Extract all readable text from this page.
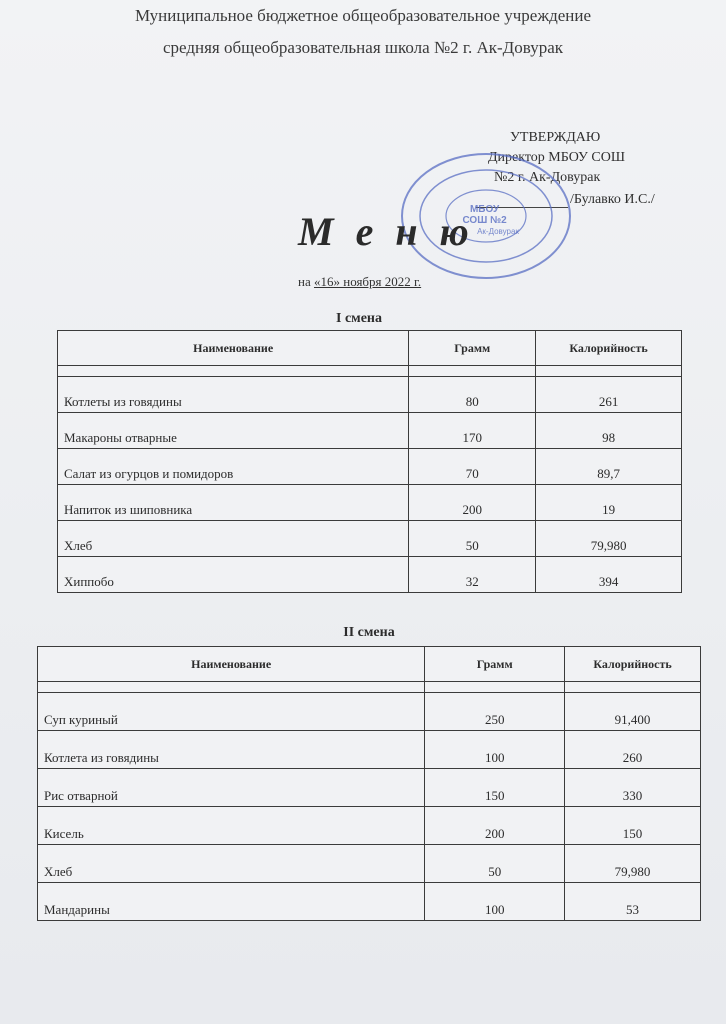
Муниципальное бюджетное общеобразовательное учреждение
средняя общеобразовательная школа №2 г. Ак-Довурак
УТВЕРЖДАЮ
Директор МБОУ СОШ
№2 г. Ак-Довурак
/Булавко И.С./
МБОУ СОШ №2 Ак-Довурак
МБОУ СОШ №2 Ак-Довурак
М е н ю
на «16» ноября 2022 г.
I смена
Наименование	Грамм	Калорийность

Котлеты из говядины	80	261
Макароны отварные	170	98
Салат из огурцов и помидоров	70	89,7
Напиток из шиповника	200	19
Хлеб	50	79,980
Хиппобо	32	394
II смена
Наименование	Грамм	Калорийность

Суп куриный	250	91,400
Котлета из говядины	100	260
Рис отварной	150	330
Кисель	200	150
Хлеб	50	79,980
Мандарины	100	53
